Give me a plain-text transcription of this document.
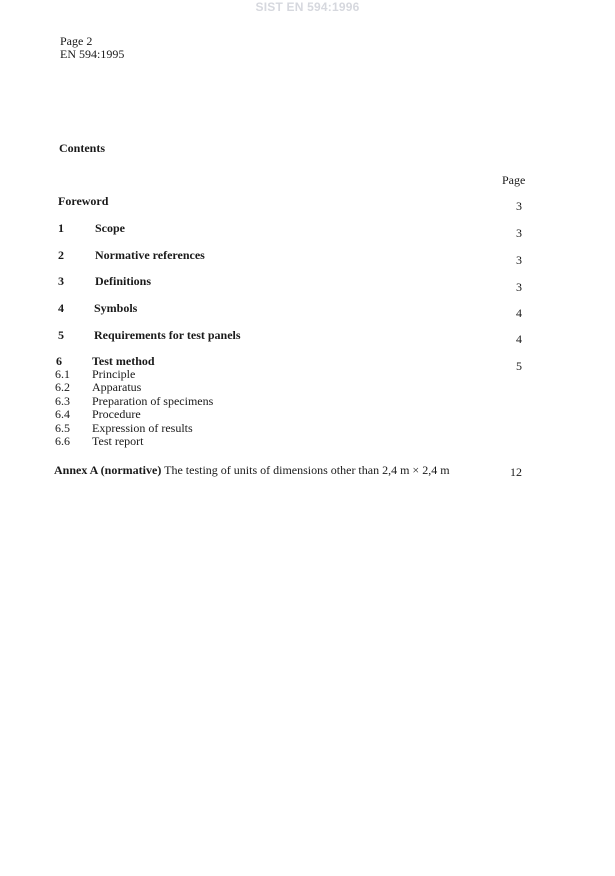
SIST EN 594:1996
Page 2
EN 594:1995
Contents
Page
Foreword	3
1	Scope	3
2	Normative references	3
3	Definitions	3
4	Symbols	4
5	Requirements for test panels	4
6	Test method	5
6.1 Principle
6.2 Apparatus
6.3 Preparation of specimens
6.4 Procedure
6.5 Expression of results
6.6 Test report
Annex A (normative) The testing of units of dimensions other than 2,4 m × 2,4 m	12
